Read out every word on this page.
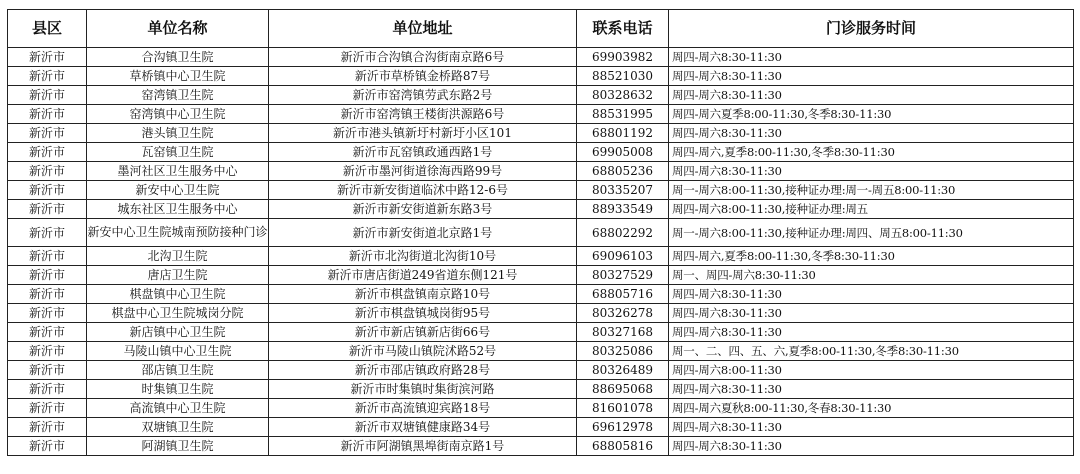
县区	单位名称	单位地址	联系电话	门诊服务时间
新沂市	合沟镇卫生院	新沂市合沟镇合沟街南京路6号	69903982	周四-周六8:30-11:30
新沂市	草桥镇中心卫生院	新沂市草桥镇金桥路87号	88521030	周四-周六8:30-11:30
新沂市	窑湾镇卫生院	新沂市窑湾镇劳武东路2号	80328632	周四-周六8:30-11:30
新沂市	窑湾镇中心卫生院	新沂市窑湾镇王楼街洪源路6号	88531995	周四-周六夏季8:00-11:30,冬季8:30-11:30
新沂市	港头镇卫生院	新沂市港头镇新圩村新圩小区101	68801192	周四-周六8:30-11:30
新沂市	瓦窑镇卫生院	新沂市瓦窑镇政通西路1号	69905008	周四-周六,夏季8:00-11:30,冬季8:30-11:30
新沂市	墨河社区卫生服务中心	新沂市墨河街道徐海西路99号	68805236	周四-周六8:30-11:30
新沂市	新安中心卫生院	新沂市新安街道临沭中路12-6号	80335207	周一-周六8:00-11:30,接种证办理:周一-周五8:00-11:30
新沂市	城东社区卫生服务中心	新沂市新安街道新东路3号	88933549	周四-周六8:00-11:30,接种证办理:周五
新沂市	新安中心卫生院城南预防接种门诊	新沂市新安街道北京路1号	68802292	周一-周六8:00-11:30,接种证办理:周四、周五8:00-11:30
新沂市	北沟卫生院	新沂市北沟街道北沟街10号	69096103	周四-周六,夏季8:00-11:30,冬季8:30-11:30
新沂市	唐店卫生院	新沂市唐店街道249省道东侧121号	80327529	周一、周四-周六8:30-11:30
新沂市	棋盘镇中心卫生院	新沂市棋盘镇南京路10号	68805716	周四-周六8:30-11:30
新沂市	棋盘中心卫生院城岗分院	新沂市棋盘镇城岗街95号	80326278	周四-周六8:30-11:30
新沂市	新店镇中心卫生院	新沂市新店镇新店街66号	80327168	周四-周六8:30-11:30
新沂市	马陵山镇中心卫生院	新沂市马陵山镇院沭路52号	80325086	周一、二、四、五、六,夏季8:00-11:30,冬季8:30-11:30
新沂市	邵店镇卫生院	新沂市邵店镇政府路28号	80326489	周四-周六8:00-11:30
新沂市	时集镇卫生院	新沂市时集镇时集街滨河路	88695068	周四-周六8:30-11:30
新沂市	高流镇中心卫生院	新沂市高流镇迎宾路18号	81601078	周四-周六夏秋8:00-11:30,冬春8:30-11:30
新沂市	双塘镇卫生院	新沂市双塘镇健康路34号	69612978	周四-周六8:30-11:30
新沂市	阿湖镇卫生院	新沂市阿湖镇黑埠街南京路1号	68805816	周四-周六8:30-11:30
